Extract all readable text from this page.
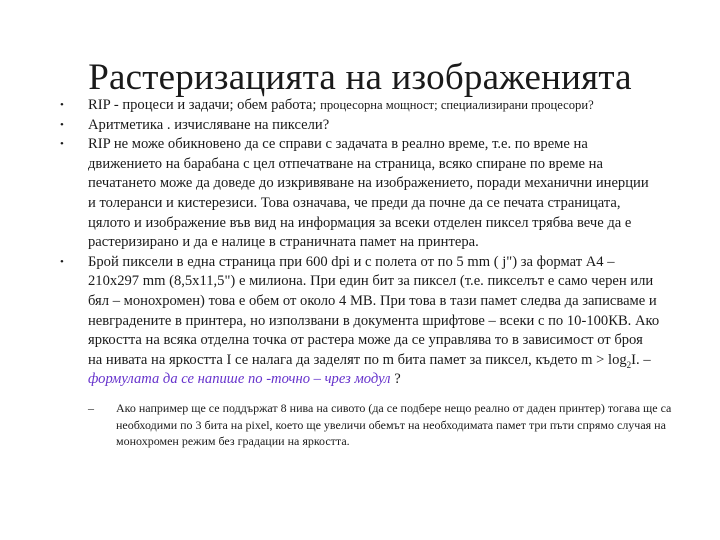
Растеризацията на изображенията
• RIP - процеси и задачи; обем работа; процесорна мощност; специализирани процесори?
• Аритметика . изчисляване на пиксели?
• RIP не може обикновено да се справи с задачата в реално време, т.е. по време на движението на барабана с цел отпечатване на страница, всяко спиране по време на печатането може да доведе до изкривяване на изображението, поради механични инерции и толеранси и кистерезиси. Това означава, че преди да почне да се печата страницата, цялото и изображение във вид на информация за всеки отделен пиксел трябва вече да е растеризирано и да е налице в страничната памет на принтера.
• Брой пиксели в една страница при 600 dpi и с полета от по 5 mm ( j") за формат А4 – 210х297 mm (8,5х11,5") е милиона. При един бит за пиксел (т.е. пикселът е само черен или бял – монохромен) това е обем от около 4 МВ. При това в тази памет следва да записваме и невградените в принтера, но използвани в документа шрифтове – всеки с по 10-100КВ. Ако яркостта на всяка отделна точка от растера може да се управлява то в зависимост от броя на нивата на яркостта I се налага да заделят по m бита памет за пиксел, където $m > \log_2I$. – формулата да се напише по -точно – чрез модул ?
– Ако например ще се поддържат 8 нива на сивото (да се подбере нещо реално от даден принтер) тогава ще са необходими по 3 бита на pixel, което ще увеличи обемът на необходимата памет три пъти спрямо случая на монохромен режим без градации на яркостта.
